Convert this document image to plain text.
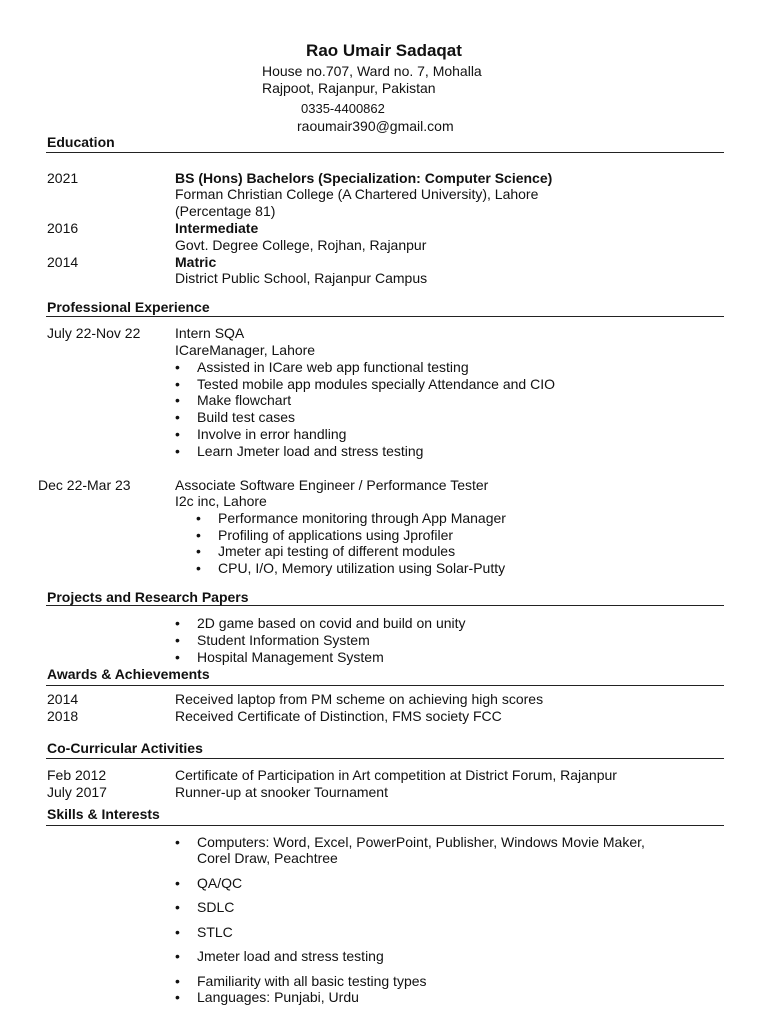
Rao Umair Sadaqat
House no.707, Ward no. 7, Mohalla
Rajpoot, Rajanpur, Pakistan
0335-4400862
raoumair390@gmail.com
Education
2021	BS (Hons) Bachelors (Specialization: Computer Science)
Forman Christian College (A Chartered University), Lahore
(Percentage 81)
2016	Intermediate
Govt. Degree College, Rojhan, Rajanpur
2014	Matric
District Public School, Rajanpur Campus
Professional Experience
July 22-Nov 22 Intern SQA
ICareManager, Lahore
• Assisted in ICare web app functional testing
• Tested mobile app modules specially Attendance and CIO
• Make flowchart
• Build test cases
• Involve in error handling
• Learn Jmeter load and stress testing
Dec 22-Mar 23	Associate Software Engineer / Performance Tester
I2c inc, Lahore
• Performance monitoring through App Manager
• Profiling of applications using Jprofiler
• Jmeter api testing of different modules
• CPU, I/O, Memory utilization using Solar-Putty
Projects and Research Papers
• 2D game based on covid and build on unity
• Student Information System
• Hospital Management System
Awards & Achievements
2014	Received laptop from PM scheme on achieving high scores
2018	Received Certificate of Distinction, FMS society FCC
Co-Curricular Activities
Feb 2012	Certificate of Participation in Art competition at District Forum, Rajanpur
July 2017	Runner-up at snooker Tournament
Skills & Interests
• Computers: Word, Excel, PowerPoint, Publisher, Windows Movie Maker,
Corel Draw, Peachtree
• QA/QC
• SDLC
• STLC
• Jmeter load and stress testing
• Familiarity with all basic testing types
• Languages: Punjabi, Urdu
